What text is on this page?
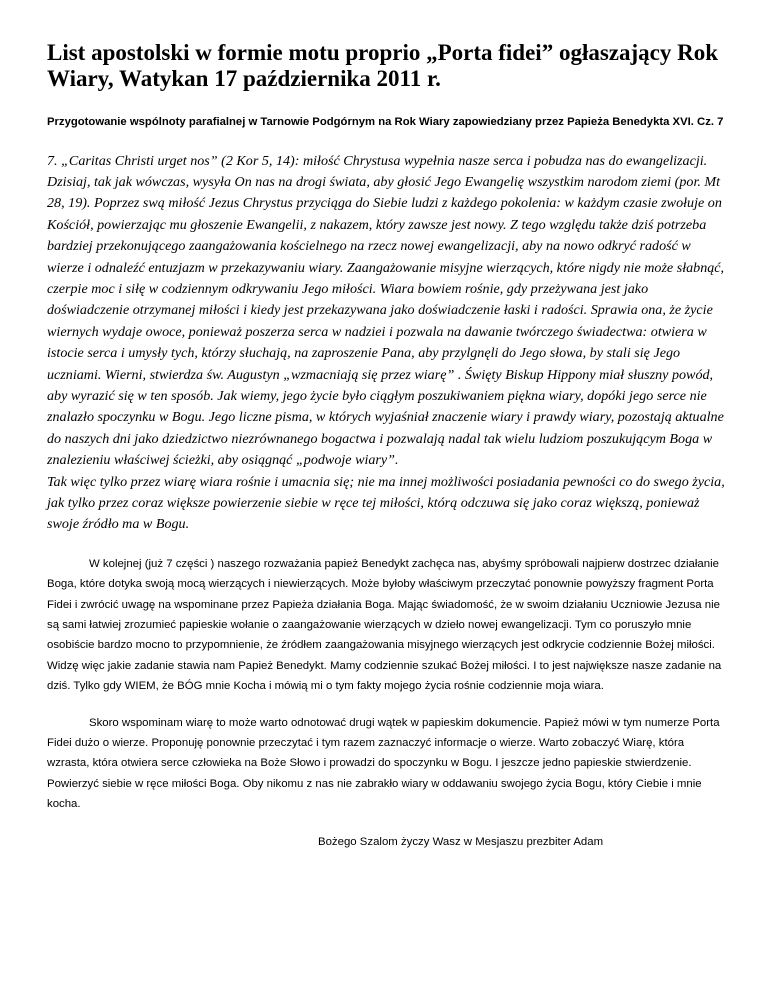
List apostolski w formie motu proprio „Porta fidei” ogłaszający Rok Wiary, Watykan 17 października 2011 r.
Przygotowanie wspólnoty parafialnej w Tarnowie Podgórnym na Rok Wiary zapowiedziany przez Papieża Benedykta XVI. Cz. 7

7. „Caritas Christi urget nos” (2 Kor 5, 14): miłość Chrystusa wypełnia nasze serca i pobudza nas do ewangelizacji. Dzisiaj, tak jak wówczas, wysyła On nas na drogi świata, aby głosić Jego Ewangelię wszystkim narodom ziemi (por. Mt 28, 19). Poprzez swą miłość Jezus Chrystus przyciąga do Siebie ludzi z każdego pokolenia: w każdym czasie zwołuje on Kościół, powierzając mu głoszenie Ewangelii, z nakazem, który zawsze jest nowy. Z tego względu także dziś potrzeba bardziej przekonującego zaangażowania kościelnego na rzecz nowej ewangelizacji, aby na nowo odkryć radość w wierze i odnaleźć entuzjazm w przekazywaniu wiary. Zaangażowanie misyjne wierzących, które nigdy nie może słabnąć, czerpie moc i siłę w codziennym odkrywaniu Jego miłości. Wiara bowiem rośnie, gdy przeżywana jest jako doświadczenie otrzymanej miłości i kiedy jest przekazywana jako doświadczenie łaski i radości. Sprawia ona, że życie wiernych wydaje owoce, ponieważ poszerza serca w nadziei i pozwala na dawanie twórczego świadectwa: otwiera w istocie serca i umysły tych, którzy słuchają, na zaproszenie Pana, aby przylgnęli do Jego słowa, by stali się Jego uczniami. Wierni, stwierdza św. Augustyn „wzmacniają się przez wiarę” . Święty Biskup Hippony miał słuszny powód, aby wyrazić się w ten sposób. Jak wiemy, jego życie było ciągłym poszukiwaniem piękna wiary, dopóki jego serce nie znalazło spoczynku w Bogu. Jego liczne pisma, w których wyjaśniał znaczenie wiary i prawdy wiary, pozostają aktualne do naszych dni jako dziedzictwo niezrównanego bogactwa i pozwalają nadal tak wielu ludziom poszukującym Boga w znalezieniu właściwej ścieżki, aby osiągnąć „podwoje wiary”.

Tak więc tylko przez wiarę wiara rośnie i umacnia się; nie ma innej możliwości posiadania pewności co do swego życia, jak tylko przez coraz większe powierzenie siebie w ręce tej miłości, którą odczuwa się jako coraz większą, ponieważ swoje źródło ma w Bogu.

W kolejnej (już 7 części ) naszego rozważania papież Benedykt zachęca nas, abyśmy spróbowali najpierw dostrzec działanie Boga, które dotyka swoją mocą wierzących i niewierzących. Może byłoby właściwym przeczytać ponownie powyższy fragment Porta Fidei i zwrócić uwagę na wspominane przez Papieża działania Boga. Mając świadomość, że w swoim działaniu Uczniowie Jezusa nie są sami łatwiej zrozumieć papieskie wołanie o zaangażowanie wierzących w dzieło nowej ewangelizacji. Tym co poruszyło mnie osobiście bardzo mocno to przypomnienie, że źródłem zaangażowania misyjnego wierzących jest odkrycie codziennie Bożej miłości. Widzę więc jakie zadanie stawia nam Papież Benedykt. Mamy codziennie szukać Bożej miłości. I to jest największe nasze zadanie na dziś. Tylko gdy WIEM, że BÓG mnie Kocha i mówią mi o tym fakty mojego życia rośnie codziennie moja wiara.

Skoro wspominam wiarę to może warto odnotować drugi wątek w papieskim dokumencie. Papież mówi w tym numerze Porta Fidei dużo o wierze. Proponuję ponownie przeczytać i tym razem zaznaczyć informacje o wierze. Warto zobaczyć Wiarę, która wzrasta, która otwiera serce człowieka na Boże Słowo i prowadzi do spoczynku w Bogu. I jeszcze jedno papieskie stwierdzenie. Powierzyć siebie w ręce miłości Boga. Oby nikomu z nas nie zabrakło wiary w oddawaniu swojego życia Bogu, który Ciebie i mnie kocha.

Bożego Szalom życzy Wasz w Mesjaszu prezbiter Adam
